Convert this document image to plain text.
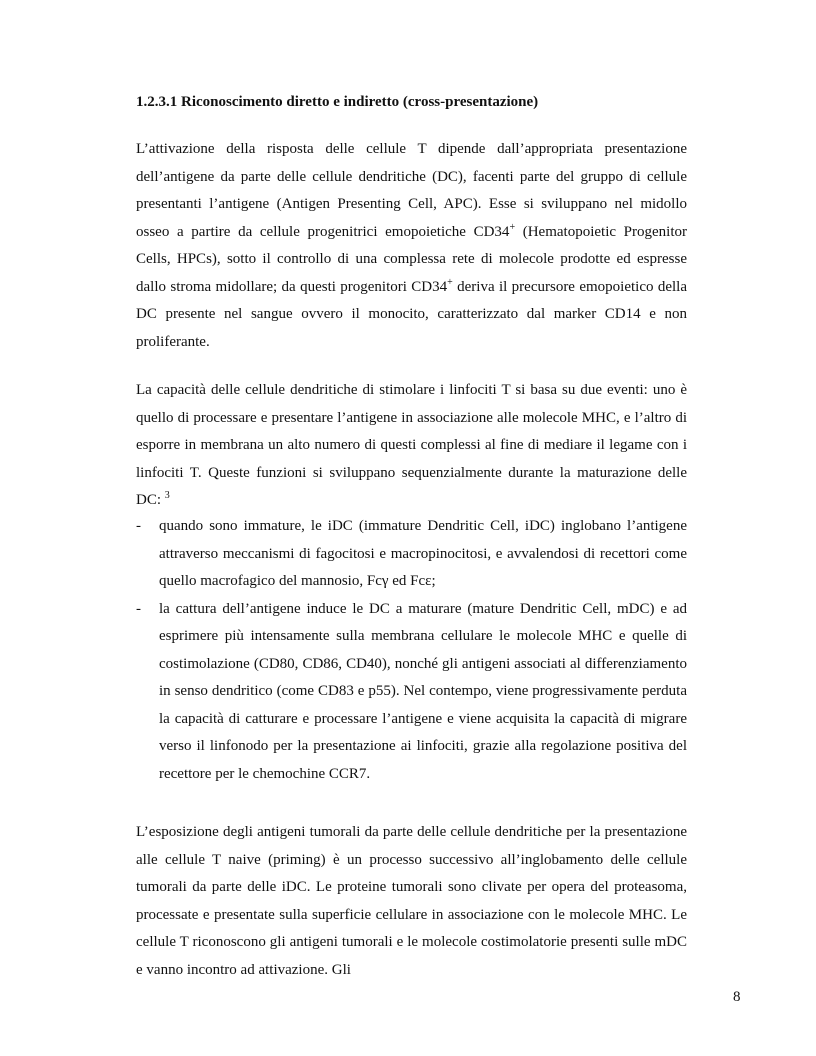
1.2.3.1 Riconoscimento diretto e indiretto (cross-presentazione)

L’attivazione della risposta delle cellule T dipende dall’appropriata presentazione dell’antigene da parte delle cellule dendritiche (DC), facenti parte del gruppo di cellule presentanti l’antigene (Antigen Presenting Cell, APC). Esse si sviluppano nel midollo osseo a partire da cellule progenitrici emopoietiche CD34+ (Hematopoietic Progenitor Cells, HPCs), sotto il controllo di una complessa rete di molecole prodotte ed espresse dallo stroma midollare; da questi progenitori CD34+ deriva il precursore emopoietico della DC presente nel sangue ovvero il monocito, caratterizzato dal marker CD14 e non proliferante.

La capacità delle cellule dendritiche di stimolare i linfociti T si basa su due eventi: uno è quello di processare e presentare l’antigene in associazione alle molecole MHC, e l’altro di esporre in membrana un alto numero di questi complessi al fine di mediare il legame con i linfociti T. Queste funzioni si sviluppano sequenzialmente durante la maturazione delle DC: $^3$

- quando sono immature, le iDC (immature Dendritic Cell, iDC) inglobano l’antigene attraverso meccanismi di fagocitosi e macropinocitosi, e avvalendosi di recettori come quello macrofagico del mannosio, Fcγ ed Fcε;
- la cattura dell’antigene induce le DC a maturare (mature Dendritic Cell, mDC) e ad esprimere più intensamente sulla membrana cellulare le molecole MHC e quelle di costimolazione (CD80, CD86, CD40), nonché gli antigeni associati al differenziamento in senso dendritico (come CD83 e p55). Nel contempo, viene progressivamente perduta la capacità di catturare e processare l’antigene e viene acquisita la capacità di migrare verso il linfonodo per la presentazione ai linfociti, grazie alla regolazione positiva del recettore per le chemochine CCR7.

L’esposizione degli antigeni tumorali da parte delle cellule dendritiche per la presentazione alle cellule T naive (priming) è un processo successivo all’inglobamento delle cellule tumorali da parte delle iDC. Le proteine tumorali sono clivate per opera del proteasoma, processate e presentate sulla superficie cellulare in associazione con le molecole MHC. Le cellule T riconoscono gli antigeni tumorali e le molecole costimolatorie presenti sulle mDC e vanno incontro ad attivazione. Gli

8
